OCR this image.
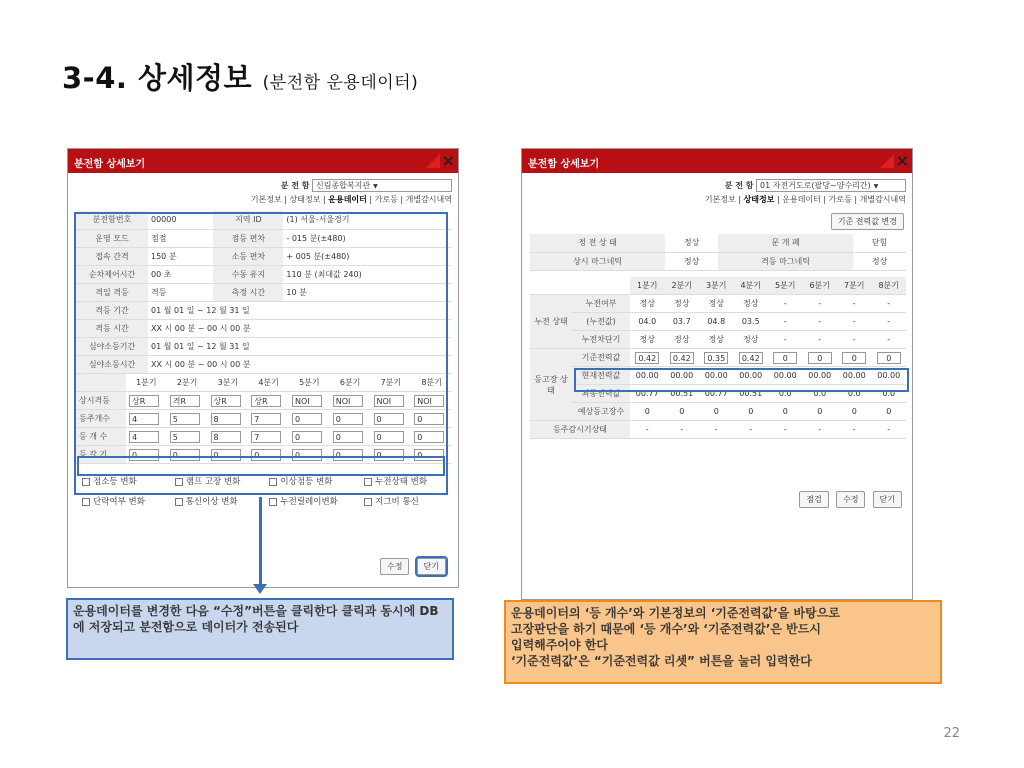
3-4. 상세정보 (분전함 운용데이터)
분전함 상세보기	×
분 전 함 신림종합복지관 ▼
기본정보 | 상태정보 | 운용데이터 | 가로등 | 개별감시내역
분전함번호	00000	지역 ID	(1) 서울-서울경기
운영 모드	점점	점등 편차	- 015 분(±480)
접속 간격	150 분	소등 편차	+ 005 분(±480)
순차제어시간	00 초	수동 유지	110 분 (최대값 240)
격일 격등	격등	측정 시간	10 분
격등 기간	01 월 01 일 ~ 12 월 31 일		
격등 시간	XX 시 00 분 ~ 00 시 00 분		
심야소등기간	01 월 01 일 ~ 12 월 31 일		
심야소등시간	XX 시 00 분 ~ 00 시 00 분		
	1분기	2분기	3분기	4분기	5분기	6분기	7분기	8분기
상시격등	상R	격R	상R	상R	NOI	NOI	NOI	NOI
등주개수	4	5	8	7	0	0	0	0
등 개 수	4	5	8	7	0	0	0	0
등 갈 기	0	0	0	0	0	0	0	0
점소등 변화	램프 고장 변화	이상점등 변화	누전상태 변화
단락여부 변화	통신이상 변화	누전릴레이변화	지그비 통신
수정	닫기
운용데이터를 변경한 다음 “수정”버튼을 클릭한다 클릭과 동시에 DB에 저장되고 분전함으로 데이터가 전송된다
분전함 상세보기	×
분 전 함 01 자전거도로(팔당~양수리간) ▼
기본정보 | 상태정보 | 운용데이터 | 가로등 | 개별감시내역
기준 전력값 변경
정 전 상 태	정상	문 개 폐	닫힘
상시 마그네틱	정상	격등 마그네틱	정상
		1분기	2분기	3분기	4분기	5분기	6분기	7분기	8분기
누전 상태	누전여부	정상	정상	정상	정상	-	-	-	-
	(누전값)	04.0	03.7	04.8	03.5	-	-	-	-
	누전차단기	정상	정상	정상	정상	-	-	-	-
등고장 상태	기준전력값	0.42	0.42	0.35	0.42	0	0	0	0
	현재전력값	00.00	00.00	00.00	00.00	00.00	00.00	00.00	00.00
	최종전력값	00.77	00.51	00.77	00.51	0.0	0.0	0.0	0.0
	예상등고장수	0	0	0	0	0	0	0	0
등주감시기상태		-	-	-	-	-	-	-	-
점검	수정	닫기
운용데이터의 ‘등 개수’와 기본정보의 ‘기준전력값’을 바탕으로
고장판단을 하기 때문에 ‘등 개수’와 ‘기준전력값’은 반드시
입력해주어야 한다
‘기준전력값’은 “기준전력값 리셋” 버튼을 눌러 입력한다
22
